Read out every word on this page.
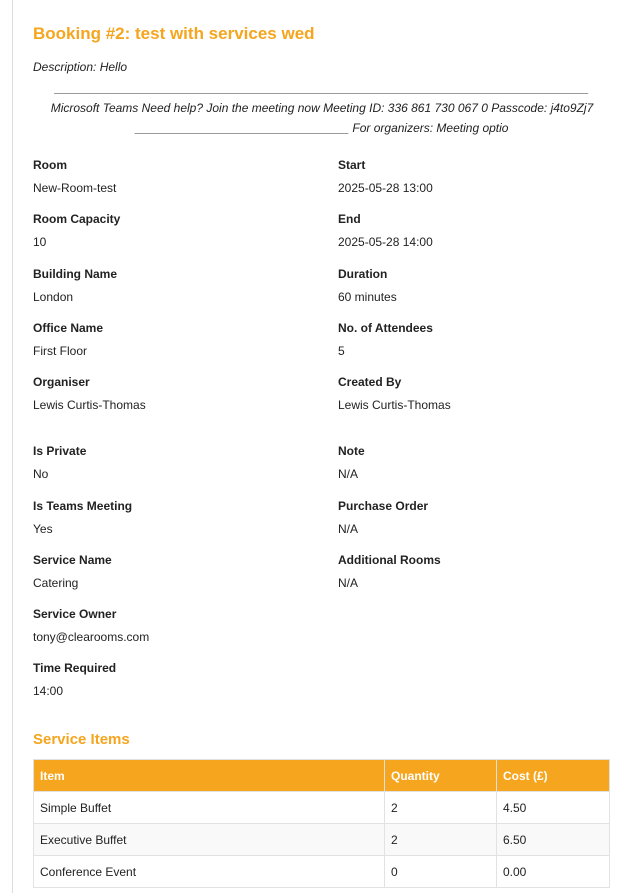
Booking #2: test with services wed

Description: Hello

________________________________________________________________________________ Microsoft Teams Need help? Join the meeting now Meeting ID: 336 861 730 067 0 Passcode: j4to9Zj7 ________________________________ For organizers: Meeting optio

Room
New-Room-test
Room Capacity
10
Building Name
London
Office Name
First Floor
Organiser
Lewis Curtis-Thomas
Is Private
No
Is Teams Meeting
Yes
Service Name
Catering
Service Owner
tony@clearooms.com
Time Required
14:00
Start
2025-05-28 13:00
End
2025-05-28 14:00
Duration
60 minutes
No. of Attendees
5
Created By
Lewis Curtis-Thomas
Note
N/A
Purchase Order
N/A
Additional Rooms
N/A
Service Items
Item	Quantity	Cost (£)
Simple Buffet	2	4.50
Executive Buffet	2	6.50
Conference Event	0	0.00
